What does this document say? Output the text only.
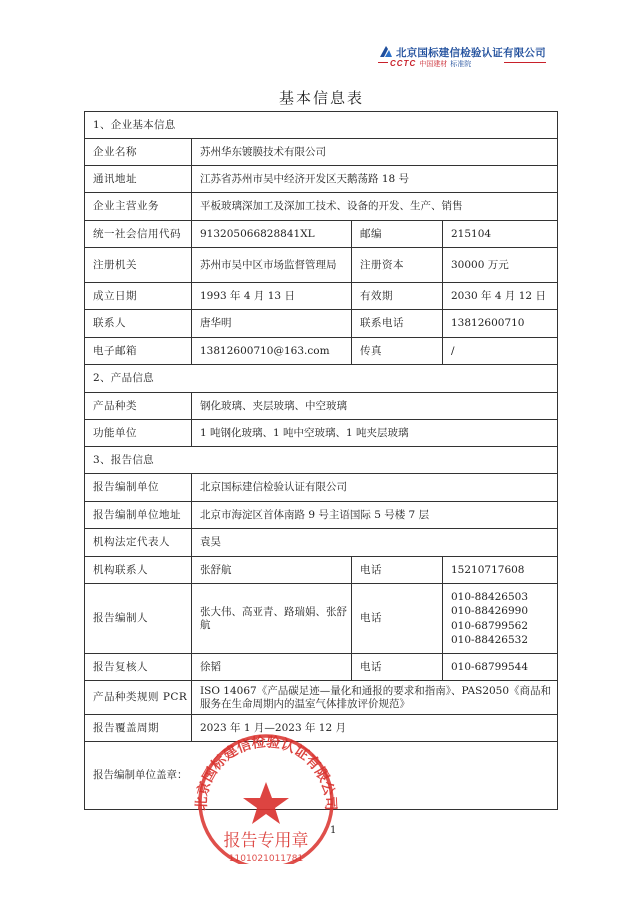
北京国标建信检验认证有限公司
CCTC 中国建材 标准院
基本信息表
1、企业基本信息			
企业名称	苏州华东镀膜技术有限公司		
通讯地址	江苏省苏州市吴中经济开发区天鹅荡路 18 号		
企业主营业务	平板玻璃深加工及深加工技术、设备的开发、生产、销售		
统一社会信用代码	913205066828841XL	邮编	215104
注册机关	苏州市吴中区市场监督管理局	注册资本	30000 万元
成立日期	1993 年 4 月 13 日	有效期	2030 年 4 月 12 日
联系人	唐华明	联系电话	13812600710
电子邮箱	13812600710@163.com	传真	/
2、产品信息			
产品种类	钢化玻璃、夹层玻璃、中空玻璃		
功能单位	1 吨钢化玻璃、1 吨中空玻璃、1 吨夹层玻璃		
3、报告信息			
报告编制单位	北京国标建信检验认证有限公司		
报告编制单位地址	北京市海淀区首体南路 9 号主语国际 5 号楼 7 层		
机构法定代表人	袁昊		
机构联系人	张舒航	电话	15210717608
报告编制人	张大伟、高亚青、路瑞娟、张舒航	电话	010-88426503
010-88426990
010-68799562
010-88426532

报告复核人	徐韬	电话	010-68799544
产品种类规则 PCR	ISO 14067《产品碳足迹—量化和通报的要求和指南》、PAS2050《商品和服务在生命周期内的温室气体排放评价规范》		
报告覆盖周期	2023 年 1 月—2023 年 12 月		
报告编制单位盖章：			
北京国标建信检验认证有限公司
报告专用章
1101021011781
1
